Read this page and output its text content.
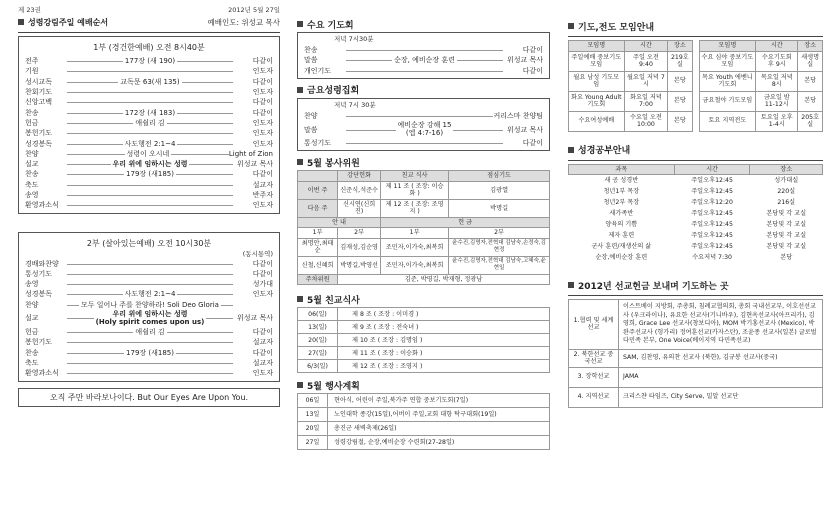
제 23권	2012년 5월 27일
성령강림주일 예배순서	예배인도: 위성교 목사
1부 (경건한예배) 오전 8시40분
전주	177장 (새 190)	다같이
기원	인도자
성시교독	교독문 63(새 135)	다같이
찬회기도	인도자
신앙고백	다같이
찬송	172장 (새 183)	다같이
헌금	애쉴리 김	인도자
봉헌기도	인도자
성경봉독	사도행전 2:1~4	인도자
찬양	성령이 오시네	Light of Zion
설교	우리 위에 임하시는 성령	위성교 목사
찬송	179장 (새185)	다같이
축도	설교자
송영	반주자
환영과소식	인도자
2부 (살아있는예배) 오전 10시30분
(동시통역)
경배와찬양	다같이
통성기도	다같이
송영	성가대
성경봉독	사도행전 2:1~4	인도자
찬양	모두 일어나 주를 찬양하라! Soli Deo Gloria
설교
우리 위에 임하시는 성령
(Holy spirit comes upon us)	위성교 목사
헌금	애쉴리 김	다같이
봉헌기도	설교자
찬송	179장 (새185)	다같이
축도	설교자
환영과소식	인도자
오직 주만 바라보나이다. But Our Eyes Are Upon You.
수요 기도회
저녁 7시30분
찬송	다같이
말씀	순장, 예비순장 훈련	위성교 목사
개인기도	다같이
금요성령집회
저녁 7시 30분
찬양	커리스마 찬양팀
말씀
예비순장 강해 15
(엡 4:7-16)	위성교 목사
통성기도	다같이
5월 봉사위원
	강단헌화	친교 식사	점심기도
이번 주	신준식,석준수	제 11 조 ( 조장: 이승화 )	김광열
다음 주	신시연(신희진)	제 12 조 ( 조장: 조영지 )	박명길
안 내		헌 금	
1부	2부	1부	2부
최명안,최태순	김재성,김순영	조민자,이가숙,최복희	윤수진,김명자,전혁대 김남숙,손정숙,김현정
신철,신혜희	박명길,박영선	조민자,이가숙,최복희	윤수진,김명자,전혁대 김남숙,고혜숙,윤현일
주차위원	김준, 박영길, 박재형, 정광남		
5월 친교식사
06(일)	제 8 조 ( 조장 : 이미경 )
13(일)	제 9 조 ( 조장 : 전숙녀 )
20(일)	제 10 조 ( 조장 : 김명임 )
27(일)	제 11 조 ( 조장 : 이승화 )
6/3(일)	제 12 조 ( 조장 : 조영지 )
5월 행사계획
06일	현아식, 어린이 주일,북가주 연합 중보기도회(7일)
13일	노인대학 종강(15일),어버이 주일,교회 대항 탁구대회(19일)
20일	총진군 새벽축제(26일)
27일	성령강림절, 순장,예비순장 수련회(27-28일)
기도,전도 모임안내
모임명	시간	장소
주일예배 중보기도모임	주일 오전 9:40	219호실
월요 남성 기도모임	월요일 저녁 7시	본당
화요 Young Adult 기도회	화요일 저녁7:00	본당
수요여성예배	수요일 오전 10:00	본당
모임명	시간	장소
수요 심야 중보기도모임	수요기도회 후 9시	새생명실
목요 Youth 에벤니 기도회	목요일 저녁 8시	본당
금요철야 기도모임	금요일 밤 11-12시	본당
토요 지역전도	토요일 오후 1-4시	205호실
성경공부안내
과목	시간	장소
새 공 성경반	주일오후12:45	성가대실
청년1부 목장	주일오후12:45	220실
청년2부 목장	주일오후12:20	216실
새가족반	주일오후12:45	본당및 각 교실
양육의 기쁨	주일오후12:45	본당및 각 교실
제자 훈련	주일오후12:45	본당및 각 교실
군사 훈련/재생산의 삶	주일오후12:45	본당및 각 교실
순장,예비순장 훈련	수요저녁 7:30	본당
2012년 선교헌금 보내며 기도하는 곳
1.협력 및 세계선교	이스트베이 지방회, 주총회, 침례교협의회, 총회 국내선교부, 이호선선교사 (우크라이나), 유요한 선교사(기니바우), 김현옥선교사(아프리카), 김영희, Grace Lee 선교사(창보디아), MOM 박기홍선교사 (Mexico), 박완주선교사 (헝가리) 정여훈선교(카자스탄), 조윤종 선교사(일본) 글로벌 다민족 본부, One Voice(베이지역 다민족선교)
2. 북한선교 중국선교	SAM, 김찬영, 유의찬 선교사 (북한), 김규봉 선교사(중국)
3. 장학선교	JAMA
4. 지역선교	크리스챤 타임즈, City Serve, 밀알 선교단
